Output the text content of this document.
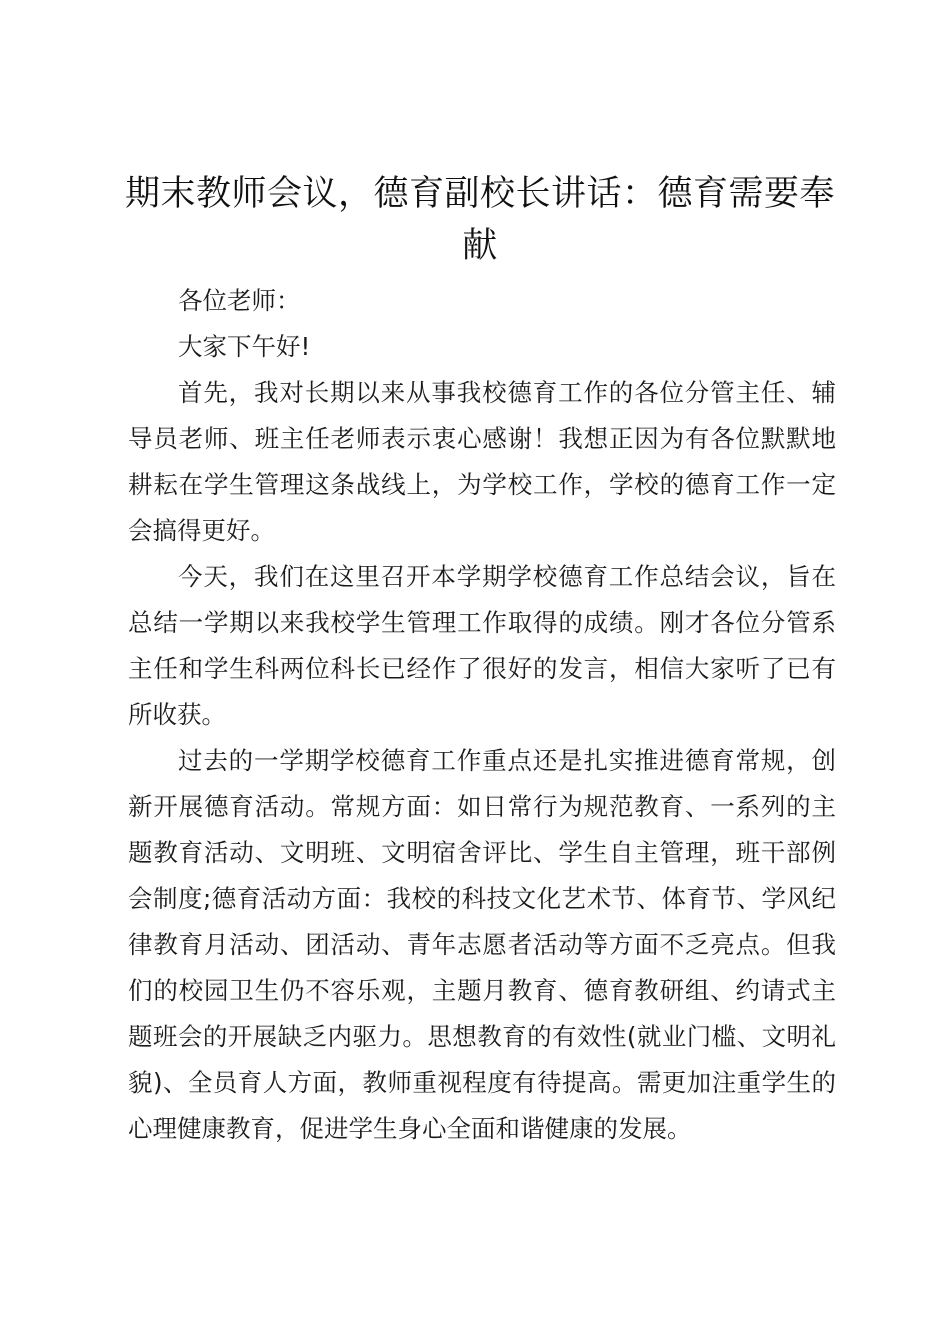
期末教师会议，德育副校长讲话：德育需要奉献

各位老师：

大家下午好!

首先，我对长期以来从事我校德育工作的各位分管主任、辅导员老师、班主任老师表示衷心感谢！我想正因为有各位默默地耕耘在学生管理这条战线上，为学校工作，学校的德育工作一定会搞得更好。

今天，我们在这里召开本学期学校德育工作总结会议，旨在总结一学期以来我校学生管理工作取得的成绩。刚才各位分管系主任和学生科两位科长已经作了很好的发言，相信大家听了已有所收获。

过去的一学期学校德育工作重点还是扎实推进德育常规，创新开展德育活动。常规方面：如日常行为规范教育、一系列的主题教育活动、文明班、文明宿舍评比、学生自主管理，班干部例会制度;德育活动方面：我校的科技文化艺术节、体育节、学风纪律教育月活动、团活动、青年志愿者活动等方面不乏亮点。但我们的校园卫生仍不容乐观，主题月教育、德育教研组、约请式主题班会的开展缺乏内驱力。思想教育的有效性(就业门槛、文明礼貌)、全员育人方面，教师重视程度有待提高。需更加注重学生的心理健康教育，促进学生身心全面和谐健康的发展。
